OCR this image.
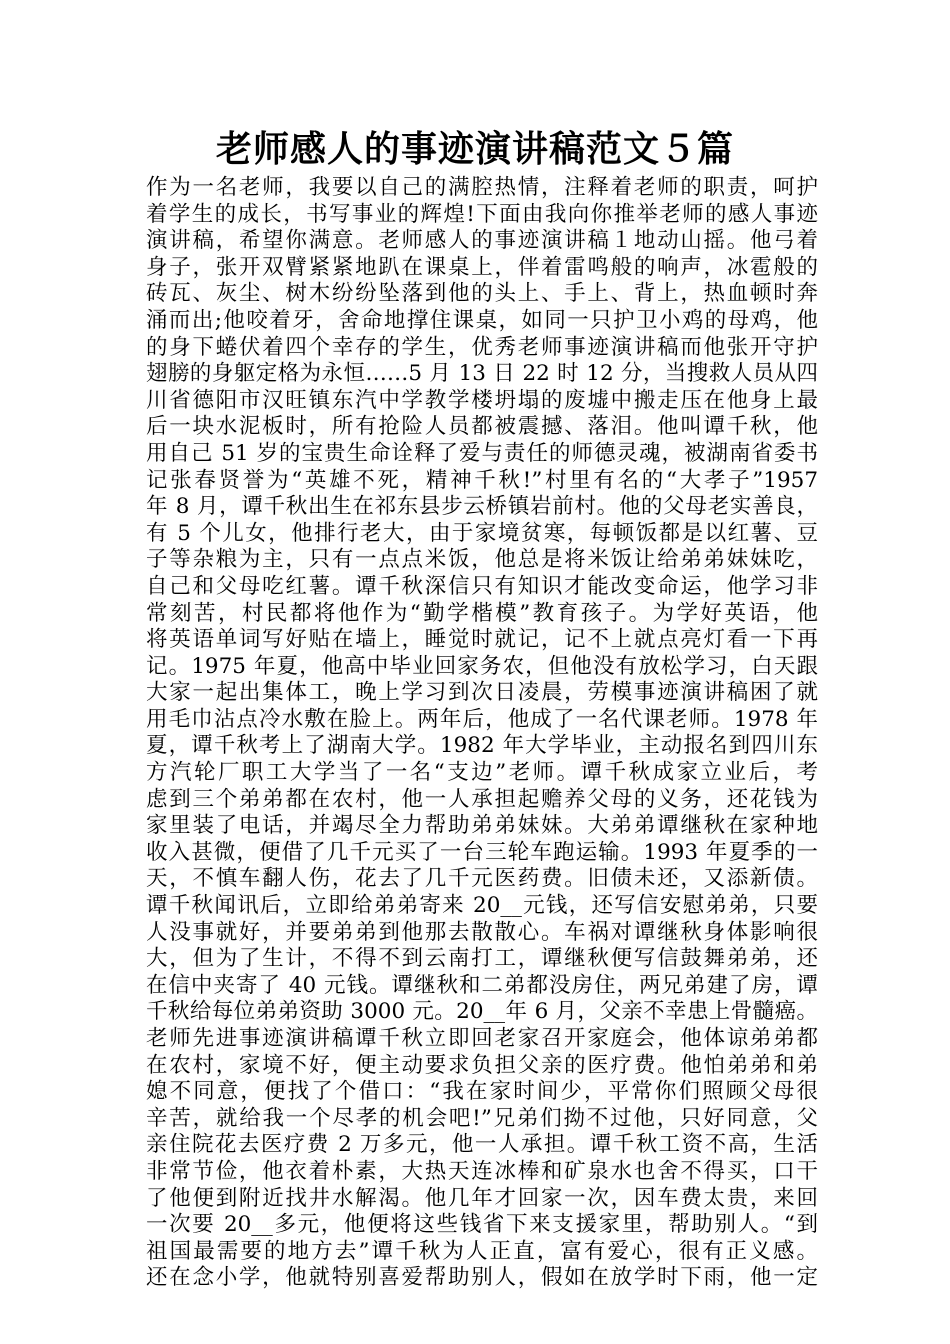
老师感人的事迹演讲稿范文５篇
作为一名老师，我要以自己的满腔热情，注释着老师的职责，呵护
着学生的成长，书写事业的辉煌!下面由我向你推举老师的感人事迹
演讲稿，希望你满意。老师感人的事迹演讲稿１地动山摇。他弓着
身子，张开双臂紧紧地趴在课桌上，伴着雷鸣般的响声，冰雹般的
砖瓦、灰尘、树木纷纷坠落到他的头上、手上、背上，热血顿时奔
涌而出;他咬着牙，舍命地撑住课桌，如同一只护卫小鸡的母鸡，他
的身下蜷伏着四个幸存的学生，优秀老师事迹演讲稿而他张开守护
翅膀的身躯定格为永恒……5 月 13 日 22 时 12 分，当搜救人员从四
川省德阳市汉旺镇东汽中学教学楼坍塌的废墟中搬走压在他身上最
后一块水泥板时，所有抢险人员都被震撼、落泪。他叫谭千秋，他
用自己 51 岁的宝贵生命诠释了爱与责任的师德灵魂，被湖南省委书
记张春贤誉为“英雄不死，精神千秋!”村里有名的“大孝子”1957
年 8 月，谭千秋出生在祁东县步云桥镇岩前村。他的父母老实善良，
有 5 个儿女，他排行老大，由于家境贫寒，每顿饭都是以红薯、豆
子等杂粮为主，只有一点点米饭，他总是将米饭让给弟弟妹妹吃，
自己和父母吃红薯。谭千秋深信只有知识才能改变命运，他学习非
常刻苦，村民都将他作为“勤学楷模”教育孩子。为学好英语，他
将英语单词写好贴在墙上，睡觉时就记，记不上就点亮灯看一下再
记。1975 年夏，他高中毕业回家务农，但他没有放松学习，白天跟
大家一起出集体工，晚上学习到次日凌晨，劳模事迹演讲稿困了就
用毛巾沾点冷水敷在脸上。两年后，他成了一名代课老师。1978 年
夏，谭千秋考上了湖南大学。1982 年大学毕业，主动报名到四川东
方汽轮厂职工大学当了一名“支边”老师。谭千秋成家立业后，考
虑到三个弟弟都在农村，他一人承担起赡养父母的义务，还花钱为
家里装了电话，并竭尽全力帮助弟弟妹妹。大弟弟谭继秋在家种地
收入甚微，便借了几千元买了一台三轮车跑运输。1993 年夏季的一
天，不慎车翻人伤，花去了几千元医药费。旧债未还，又添新债。
谭千秋闻讯后，立即给弟弟寄来 20__元钱，还写信安慰弟弟，只要
人没事就好，并要弟弟到他那去散散心。车祸对谭继秋身体影响很
大，但为了生计，不得不到云南打工，谭继秋便写信鼓舞弟弟，还
在信中夹寄了 40 元钱。谭继秋和二弟都没房住，两兄弟建了房，谭
千秋给每位弟弟资助 3000 元。20__年 6 月，父亲不幸患上骨髓癌。
老师先进事迹演讲稿谭千秋立即回老家召开家庭会，他体谅弟弟都
在农村，家境不好，便主动要求负担父亲的医疗费。他怕弟弟和弟
媳不同意，便找了个借口：“我在家时间少，平常你们照顾父母很
辛苦，就给我一个尽孝的机会吧!”兄弟们拗不过他，只好同意，父
亲住院花去医疗费 2 万多元，他一人承担。谭千秋工资不高，生活
非常节俭，他衣着朴素，大热天连冰棒和矿泉水也舍不得买，口干
了他便到附近找井水解渴。他几年才回家一次，因车费太贵，来回
一次要 20__多元，他便将这些钱省下来支援家里，帮助别人。“到
祖国最需要的地方去”谭千秋为人正直，富有爱心，很有正义感。
还在念小学，他就特别喜爱帮助别人，假如在放学时下雨，他一定
